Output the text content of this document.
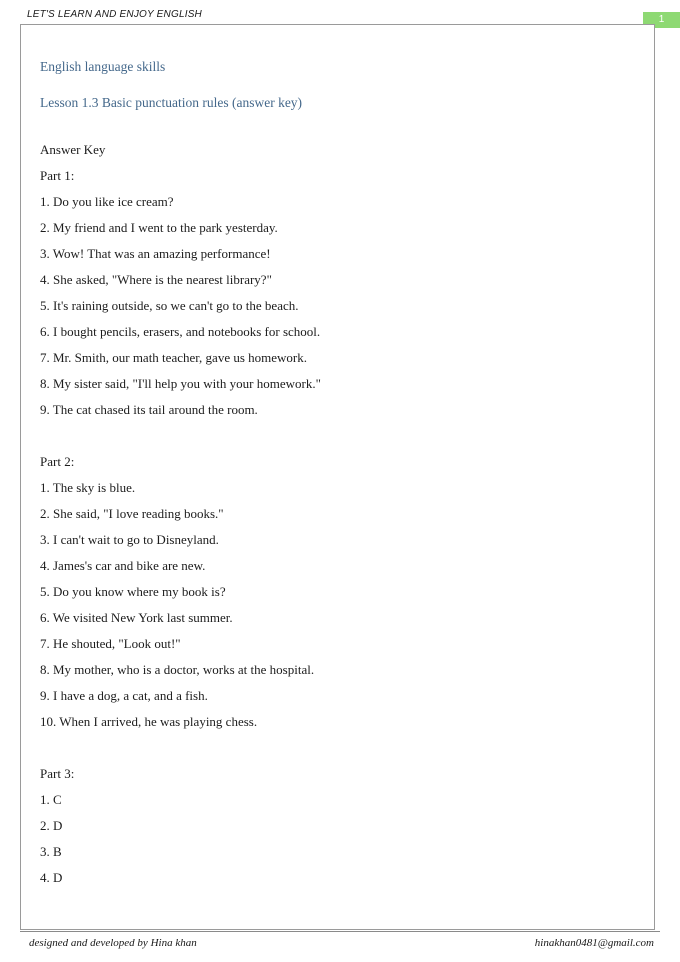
LET'S LEARN AND ENJOY ENGLISH	1
English language skills
Lesson 1.3 Basic punctuation rules (answer key)

Answer Key

Part 1:

1. Do you like ice cream?

2. My friend and I went to the park yesterday.

3. Wow! That was an amazing performance!

4. She asked, "Where is the nearest library?"

5. It's raining outside, so we can't go to the beach.

6. I bought pencils, erasers, and notebooks for school.

7. Mr. Smith, our math teacher, gave us homework.

8. My sister said, "I'll help you with your homework."

9. The cat chased its tail around the room.

Part 2:

1. The sky is blue.

2. She said, "I love reading books."

3. I can't wait to go to Disneyland.

4. James's car and bike are new.

5. Do you know where my book is?

6. We visited New York last summer.

7. He shouted, "Look out!"

8. My mother, who is a doctor, works at the hospital.

9. I have a dog, a cat, and a fish.

10. When I arrived, he was playing chess.

Part 3:

1. C

2. D

3. B

4. D

designed and developed by Hina khan	hinakhan0481@gmail.com
